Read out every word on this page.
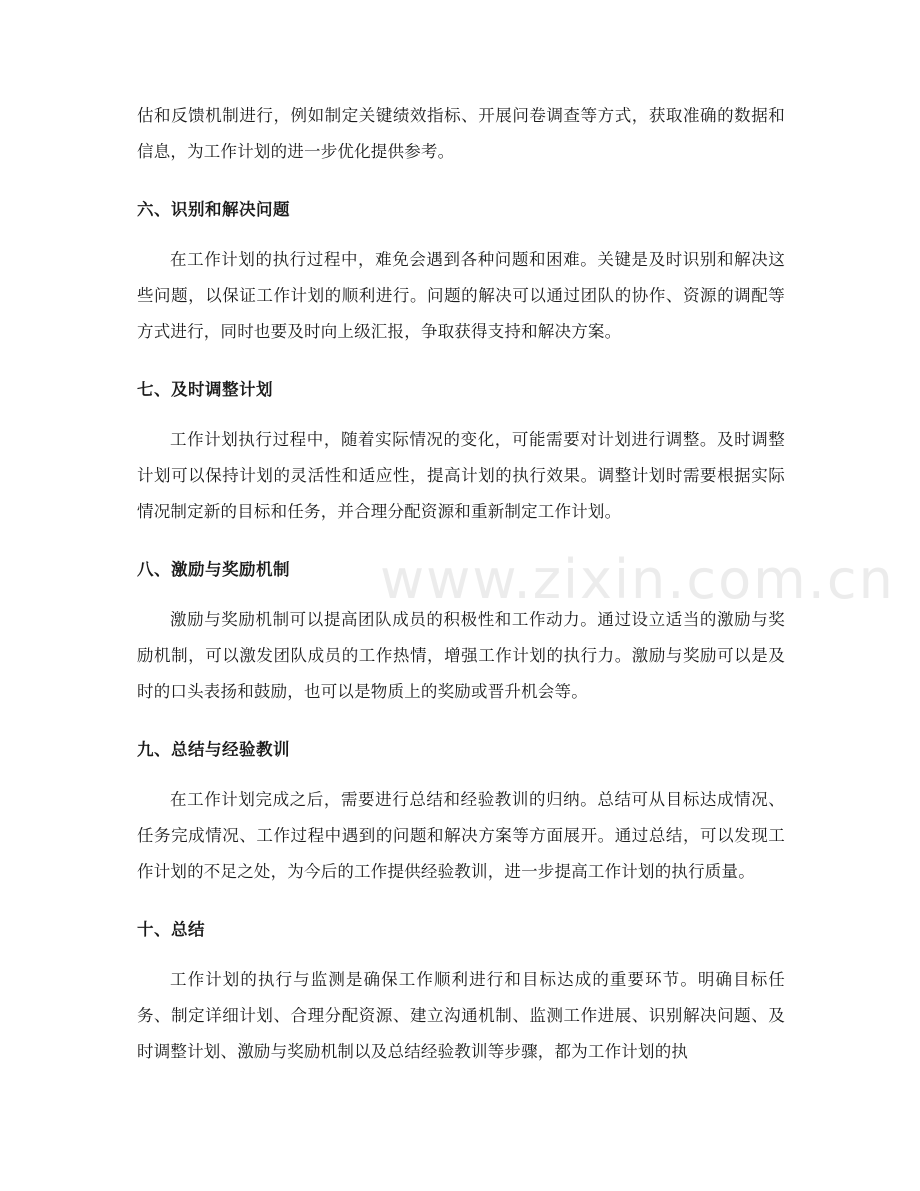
www.zixin.com.cn

估和反馈机制进行，例如制定关键绩效指标、开展问卷调查等方式，获取准确的数据和信息，为工作计划的进一步优化提供参考。

六、识别和解决问题

在工作计划的执行过程中，难免会遇到各种问题和困难。关键是及时识别和解决这些问题，以保证工作计划的顺利进行。问题的解决可以通过团队的协作、资源的调配等方式进行，同时也要及时向上级汇报，争取获得支持和解决方案。

七、及时调整计划

工作计划执行过程中，随着实际情况的变化，可能需要对计划进行调整。及时调整计划可以保持计划的灵活性和适应性，提高计划的执行效果。调整计划时需要根据实际情况制定新的目标和任务，并合理分配资源和重新制定工作计划。

八、激励与奖励机制

激励与奖励机制可以提高团队成员的积极性和工作动力。通过设立适当的激励与奖励机制，可以激发团队成员的工作热情，增强工作计划的执行力。激励与奖励可以是及时的口头表扬和鼓励，也可以是物质上的奖励或晋升机会等。

九、总结与经验教训

在工作计划完成之后，需要进行总结和经验教训的归纳。总结可从目标达成情况、任务完成情况、工作过程中遇到的问题和解决方案等方面展开。通过总结，可以发现工作计划的不足之处，为今后的工作提供经验教训，进一步提高工作计划的执行质量。

十、总结

工作计划的执行与监测是确保工作顺利进行和目标达成的重要环节。明确目标任务、制定详细计划、合理分配资源、建立沟通机制、监测工作进展、识别解决问题、及时调整计划、激励与奖励机制以及总结经验教训等步骤，都为工作计划的执
